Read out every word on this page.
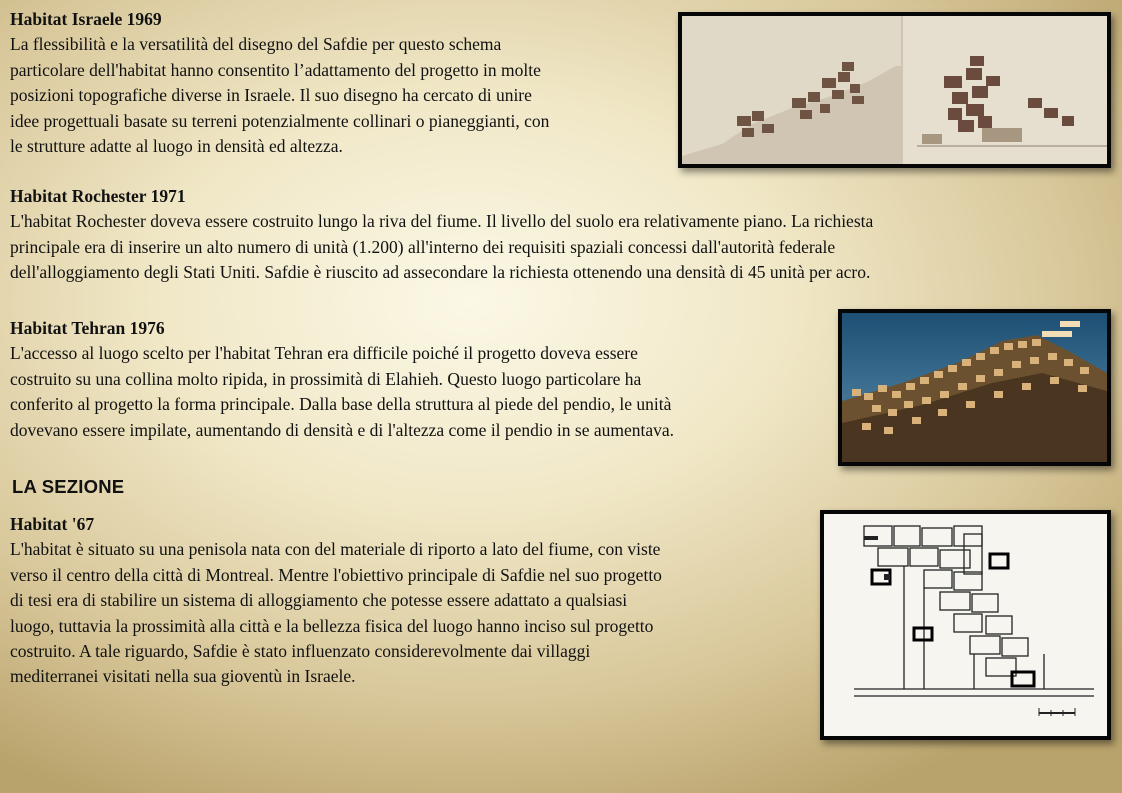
Habitat Israele 1969
La flessibilità e la versatilità del disegno del Safdie per questo schema
particolare dell'habitat hanno consentito l’adattamento del progetto in molte
posizioni topografiche diverse in Israele. Il suo disegno ha cercato di unire
idee progettuali basate su terreni potenzialmente collinari o pianeggianti, con
le strutture adatte al luogo in densità ed altezza.
Habitat Rochester 1971
L'habitat Rochester doveva essere costruito lungo la riva del fiume. Il livello del suolo era relativamente piano. La richiesta
principale era di inserire un alto numero di unità (1.200) all'interno dei requisiti spaziali concessi dall'autorità federale
dell'alloggiamento degli Stati Uniti. Safdie è riuscito ad assecondare la richiesta ottenendo una densità di 45 unità per acro.
Habitat Tehran 1976
L'accesso al luogo scelto per l'habitat Tehran era difficile poiché il progetto doveva essere
costruito su una collina molto ripida, in prossimità di Elahieh. Questo luogo particolare ha
conferito al progetto la forma principale. Dalla base della struttura al piede del pendio, le unità
dovevano essere impilate, aumentando di densità e di l'altezza come il pendio in se aumentava.
LA SEZIONE
Habitat '67
L'habitat è situato su una penisola nata con del materiale di riporto a lato del fiume, con viste
verso il centro della città di Montreal. Mentre l'obiettivo principale di Safdie nel suo progetto
di tesi era di stabilire un sistema di alloggiamento che potesse essere adattato a qualsiasi
luogo, tuttavia la prossimità alla città e la bellezza fisica del luogo hanno inciso sul progetto
costruito. A tale riguardo, Safdie è stato influenzato considerevolmente dai villaggi
mediterranei visitati nella sua gioventù in Israele.
